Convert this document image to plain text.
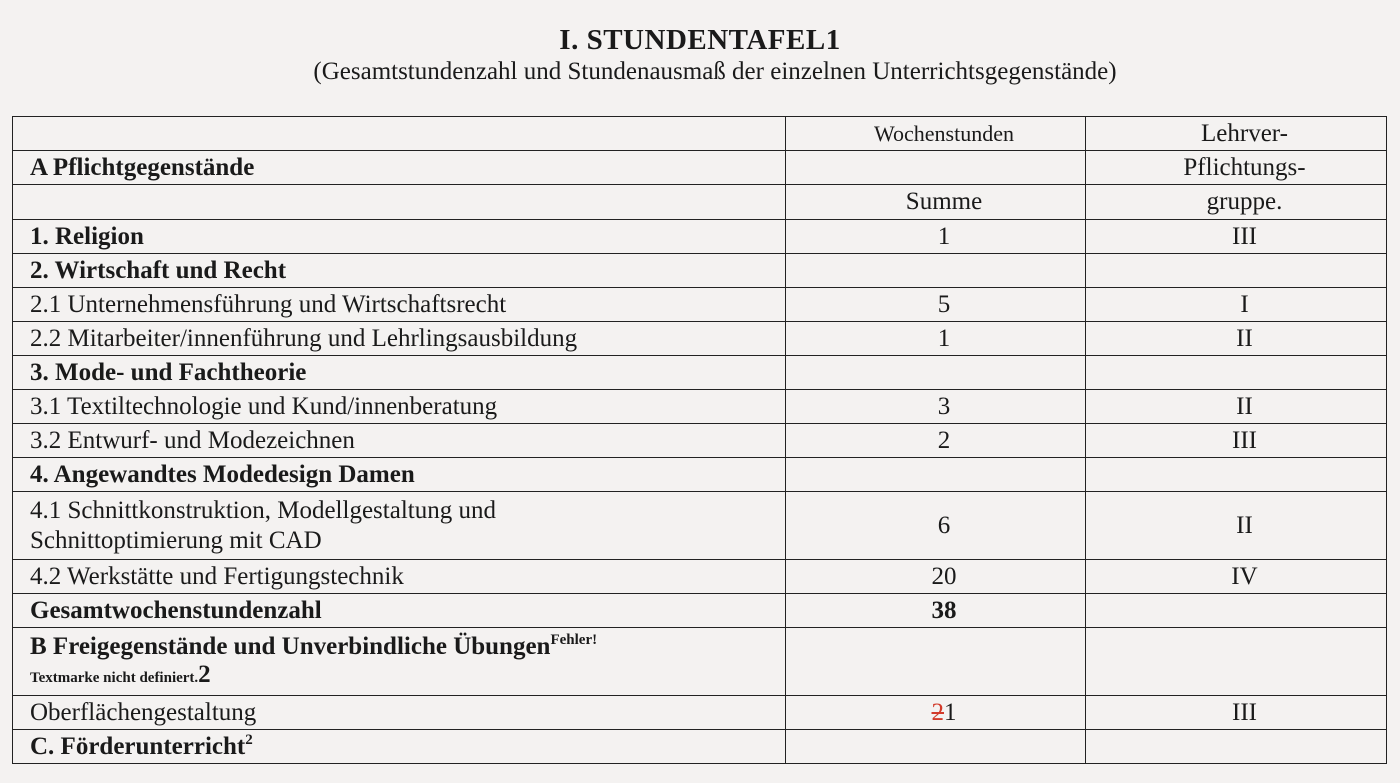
I. STUNDENTAFEL1
(Gesamtstundenzahl und Stundenausmaß der einzelnen Unterrichtsgegenstände)
	Wochenstunden	Lehrver-
A Pflichtgegenstände		Pflichtungs-
	Summe	gruppe.
1. Religion	1	III
2. Wirtschaft und Recht		
2.1 Unternehmensführung und Wirtschaftsrecht	5	I
2.2 Mitarbeiter/innenführung und Lehrlingsausbildung	1	II
3. Mode- und Fachtheorie		
3.1 Textiltechnologie und Kund/innenberatung	3	II
3.2 Entwurf- und Modezeichnen	2	III
4. Angewandtes Modedesign Damen		

4.1 Schnittkonstruktion, Modellgestaltung und
Schnittoptimierung mit CAD	6	II
4.2 Werkstätte und Fertigungstechnik	20	IV
Gesamtwochenstundenzahl	38	

B Freigegenstände und Unverbindliche Übungen$^{Fehler!}$
Textmarke nicht definiert.2		

Oberflächengestaltung	21	III
C. Förderunterricht$^2$		
